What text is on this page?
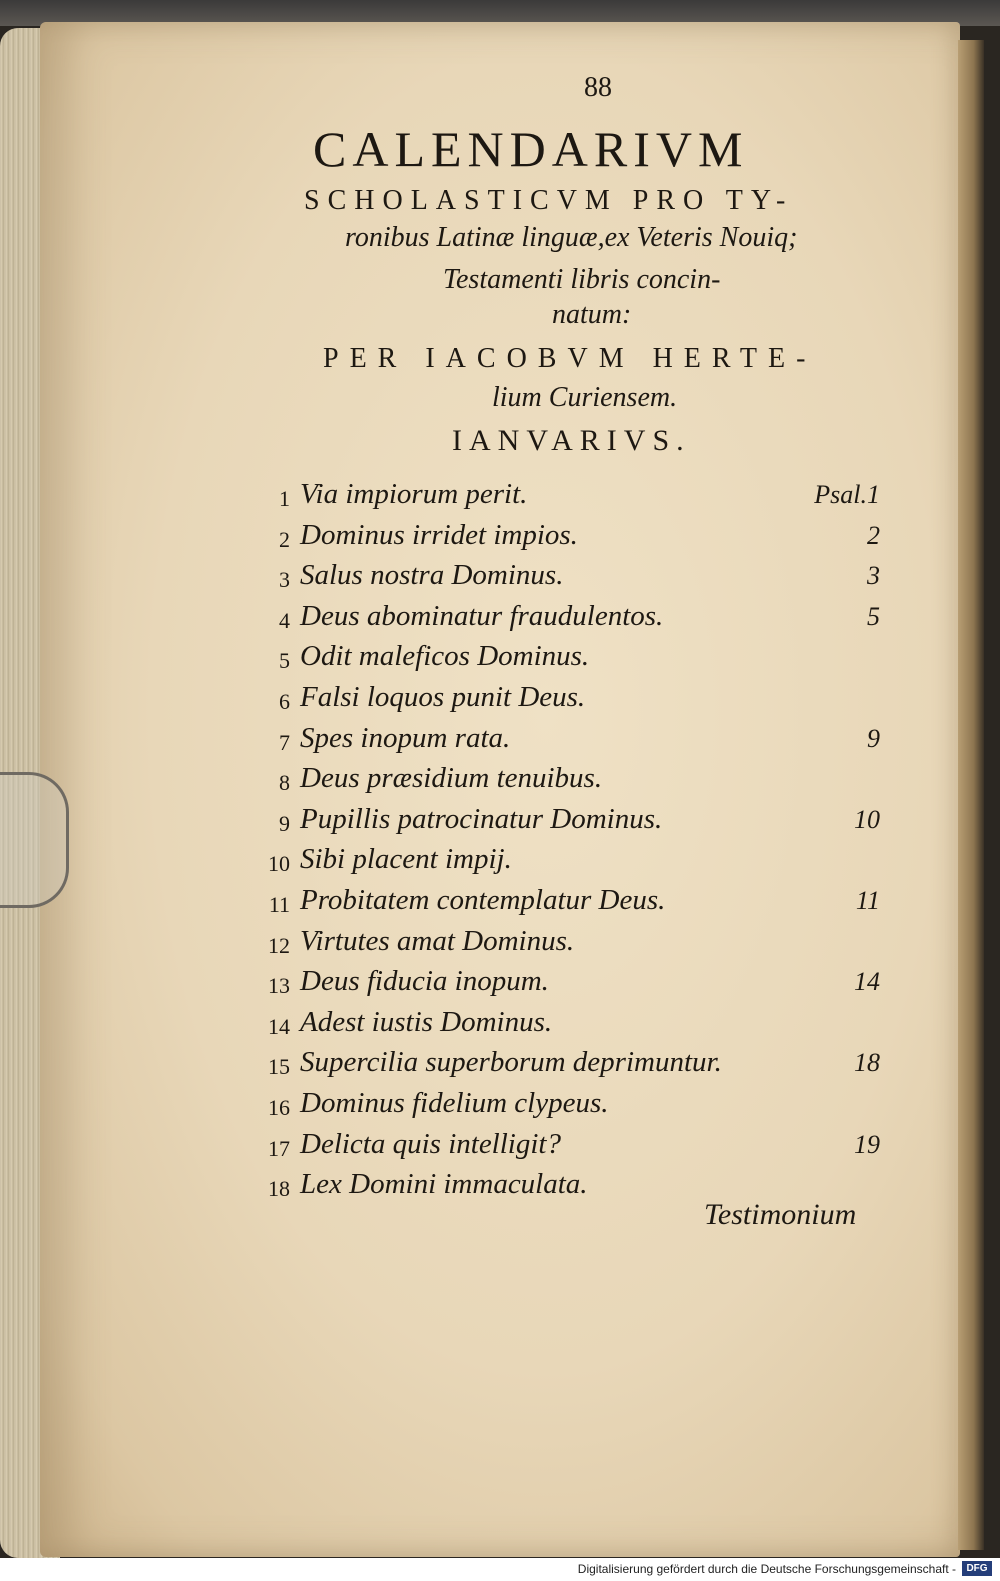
88
CALENDARIVM
SCHOLASTICVM PRO TY-
ronibus Latinæ linguæ,ex Veteris Nouiq;
Testamenti libris concin-
natum:
PER IACOBVM HERTE-
lium Curiensem.
IANVARIVS.
1 Via impiorum perit.	Psal.1
2 Dominus irridet impios.	2
3 Salus nostra Dominus.	3
4 Deus abominatur fraudulentos.	5
5 Odit maleficos Dominus.
6 Falsi loquos punit Deus.
7 Spes inopum rata.	9
8 Deus præsidium tenuibus.
9 Pupillis patrocinatur Dominus.	10
10 Sibi placent impij.
11 Probitatem contemplatur Deus.	11
12 Virtutes amat Dominus.
13 Deus fiducia inopum.	14
14 Adest iustis Dominus.
15 Supercilia superborum deprimuntur.	18
16 Dominus fidelium clypeus.
17 Delicta quis intelligit?	19
18 Lex Domini immaculata.
Testimonium
Digitalisierung gefördert durch die Deutsche Forschungsgemeinschaft -	DFG
